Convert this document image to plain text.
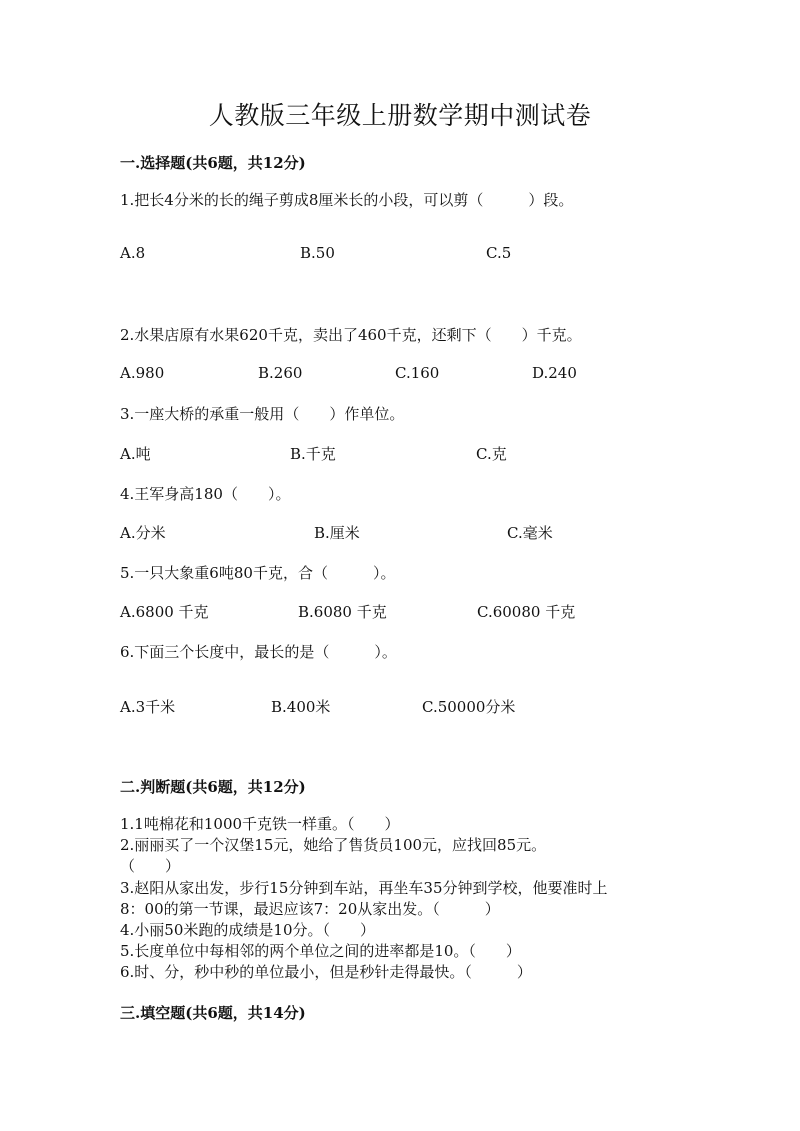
人教版三年级上册数学期中测试卷
一.选择题(共6题，共12分)
1.把长4分米的长的绳子剪成8厘米长的小段，可以剪（　　　）段。
A.8	B.50	C.5
2.水果店原有水果620千克，卖出了460千克，还剩下（　　）千克。
A.980	B.260	C.160	D.240
3.一座大桥的承重一般用（　　）作单位。
A.吨	B.千克	C.克
4.王军身高180（　　）。
A.分米	B.厘米	C.毫米
5.一只大象重6吨80千克，合（　　　）。
A.6800 千克	B.6080 千克	C.60080 千克
6.下面三个长度中，最长的是（　　　）。
A.3千米	B.400米	C.50000分米
二.判断题(共6题，共12分)
1.1吨棉花和1000千克铁一样重。（　　）
2.丽丽买了一个汉堡15元，她给了售货员100元，应找回85元。
（　　）
3.赵阳从家出发，步行15分钟到车站，再坐车35分钟到学校，他要准时上
8：00的第一节课，最迟应该7：20从家出发。（　　　）
4.小丽50米跑的成绩是10分。（　　）
5.长度单位中每相邻的两个单位之间的进率都是10。（　　）
6.时、分，秒中秒的单位最小，但是秒针走得最快。（　　　）
三.填空题(共6题，共14分)
